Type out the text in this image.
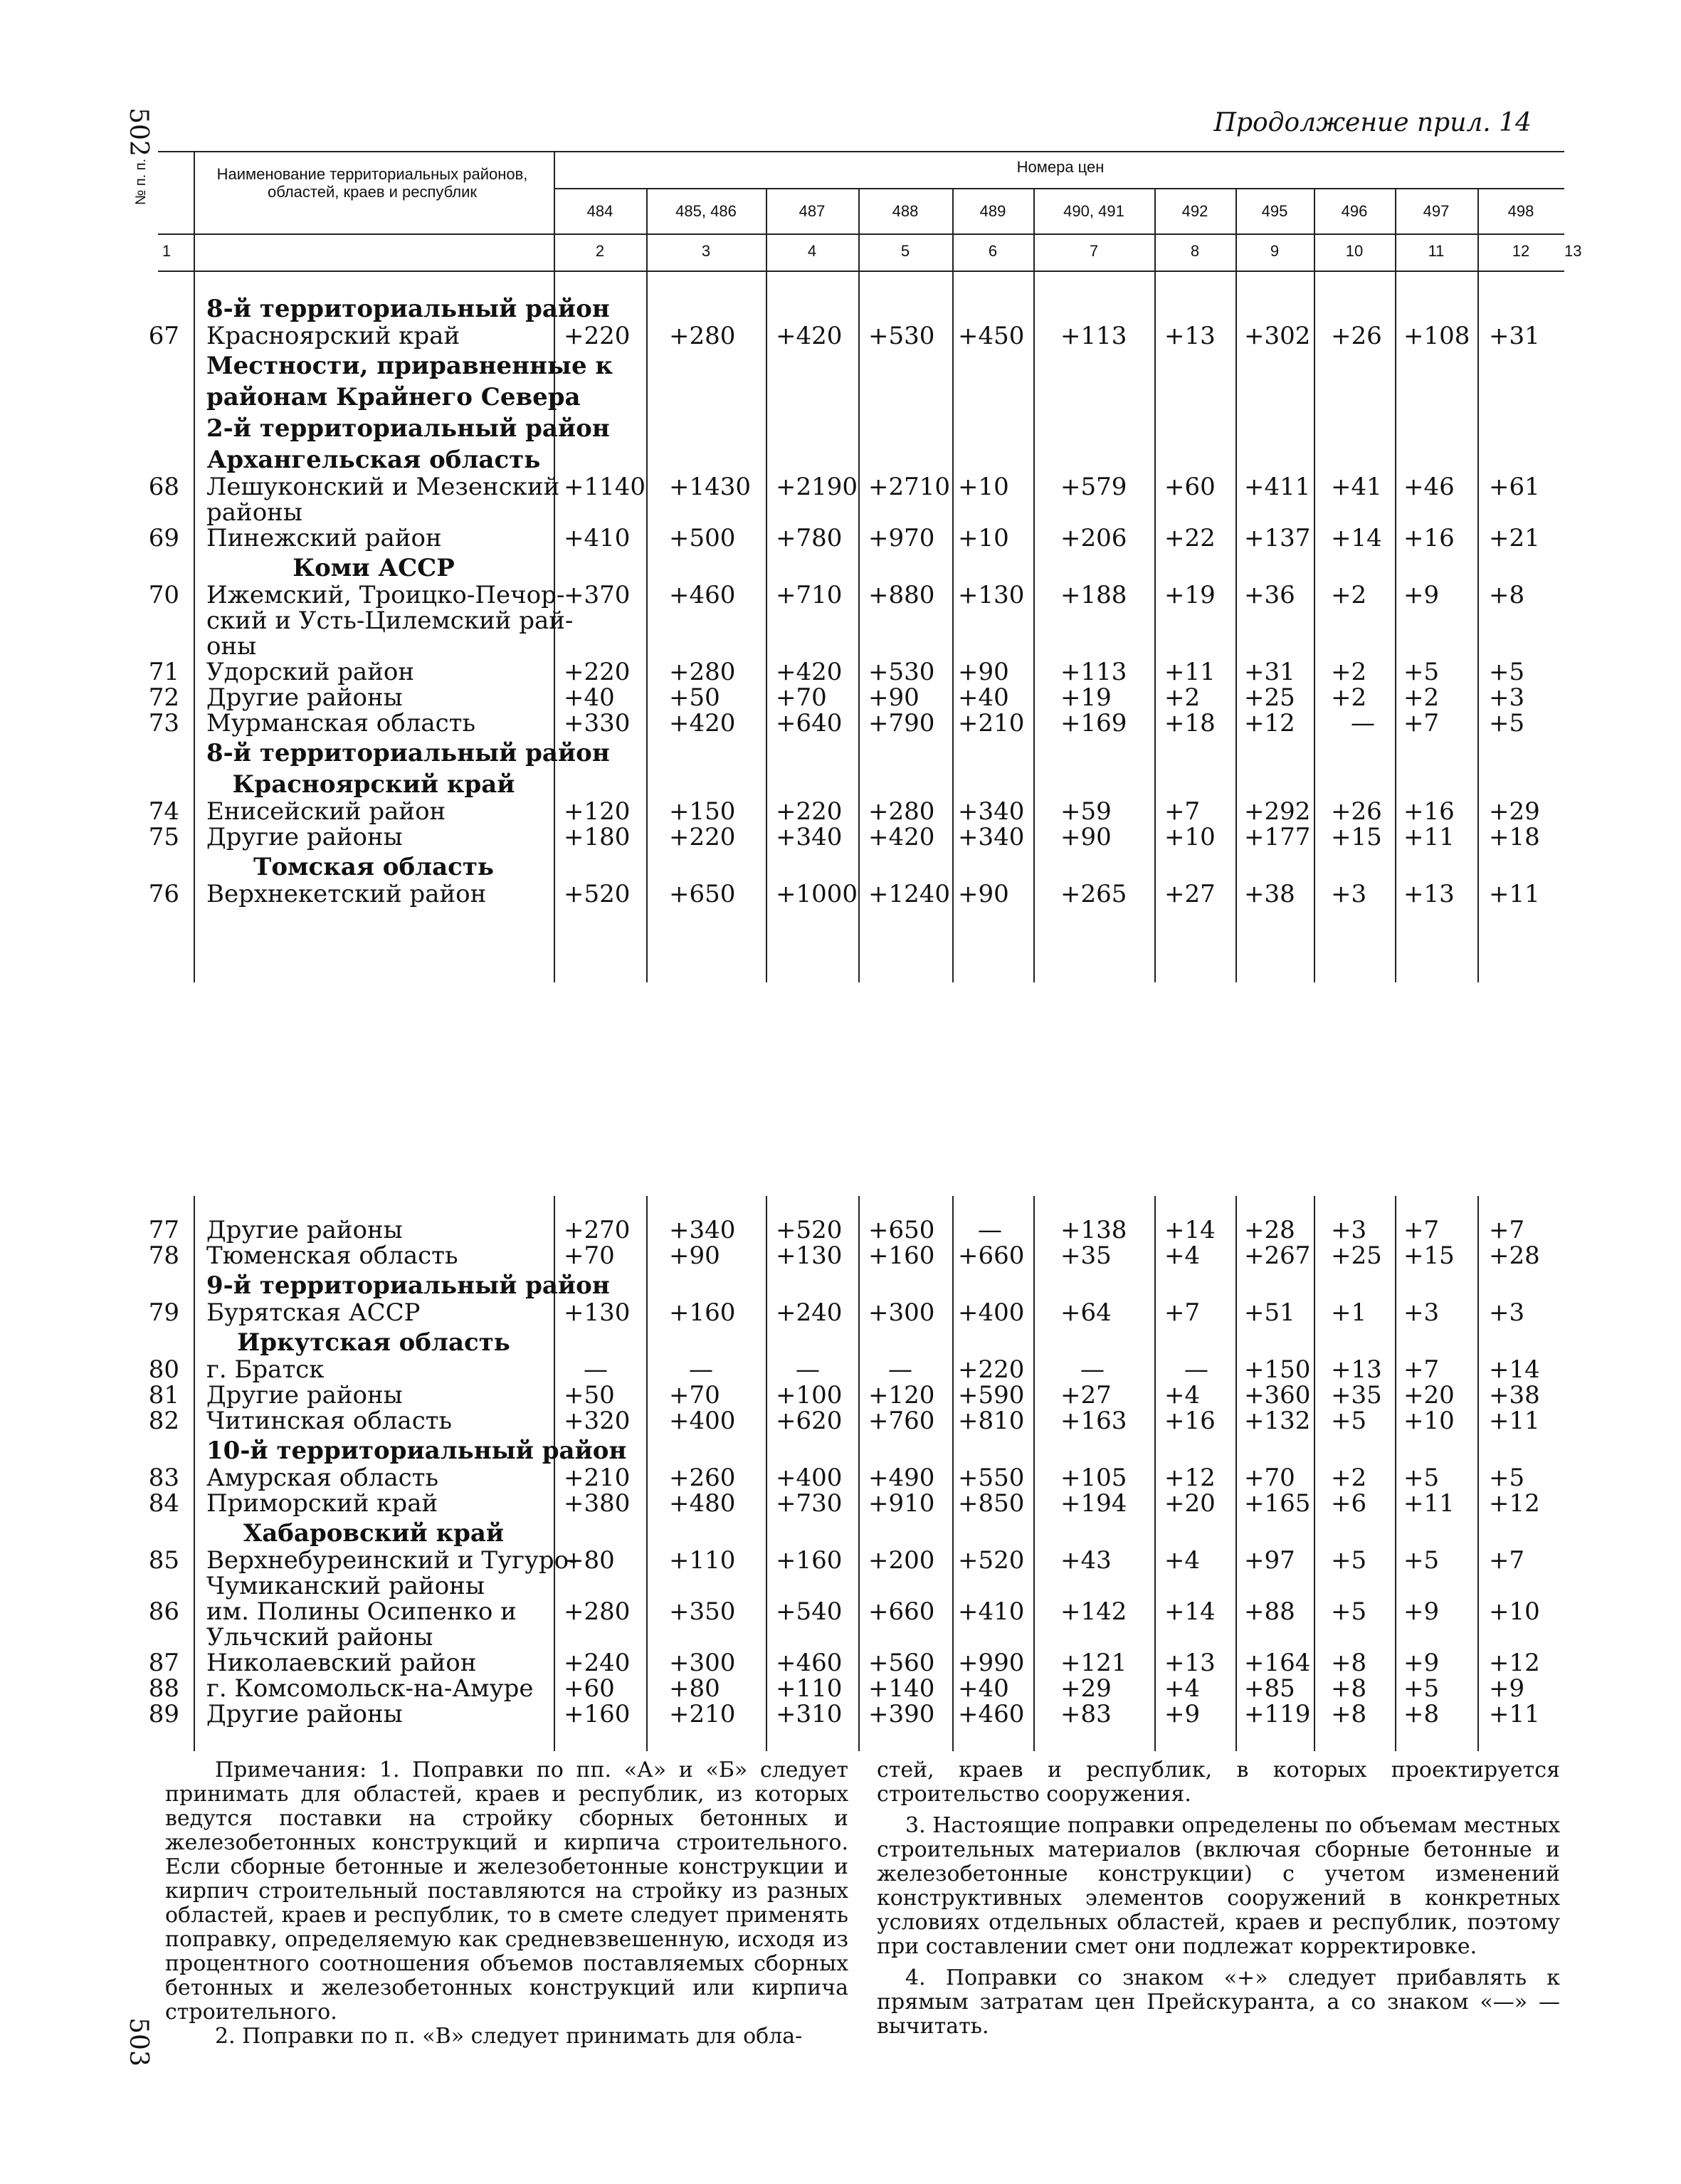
502
503
Продолжение прил. 14
№ п. п.	Наименование территориальных районов, областей, краев и республик
Номера цен
484	485, 486	487	488	489	490, 491	492	495	496	497	498
1	2	3	4	5	6	7	8	9	10	11	12	13
8-й территориальный район
67 Красноярский край	+220 +280 +420 +530 +450 +113 +13 +302 +26 +108 +31
Местности, приравненные к
районам Крайнего Севера
2-й территориальный район
Архангельская область
68 Лешуконский и Мезенский +1140 +1430 +2190 +2710 +10 +579 +60 +411 +41 +46 +61
районы
69 Пинежский район	+410 +500 +780 +970 +10 +206 +22 +137 +14 +16 +21
Коми АССР
70 Ижемский, Троицко-Печор-
+370 +460 +710 +880 +130 +188 +19 +36 +2 +9 +8
ский и Усть-Цилемский рай-
оны
71 Удорский район	+220 +280 +420 +530 +90 +113 +11 +31 +2 +5 +5
72 Другие районы	+40 +50 +70 +90 +40 +19 +2 +25 +2 +2 +3
73 Мурманская область	+330 +420 +640 +790 +210 +169 +18 +12 — +7 +5
8-й территориальный район
Красноярский край
74 Енисейский район	+120 +150 +220 +280 +340 +59 +7 +292 +26 +16 +29
75 Другие районы	+180 +220 +340 +420 +340 +90 +10 +177 +15 +11 +18
Томская область
76 Верхнекетский район	+520 +650 +1000 +1240 +90 +265 +27 +38 +3 +13 +11
77 Другие районы	+270 +340 +520 +650 — +138 +14 +28 +3 +7 +7
78 Тюменская область	+70 +90 +130 +160 +660 +35 +4 +267 +25 +15 +28
9-й территориальный район
79 Бурятская АССР	+130 +160 +240 +300 +400 +64 +7 +51 +1 +3 +3
Иркутская область
80 г. Братск	—	—	—	— +220 —	— +150 +13 +7 +14
81 Другие районы	+50 +70 +100 +120 +590 +27 +4 +360 +35 +20 +38
82 Читинская область	+320 +400 +620 +760 +810 +163 +16 +132 +5 +10 +11
10-й территориальный район
83 Амурская область	+210 +260 +400 +490 +550 +105 +12 +70 +2 +5 +5
84 Приморский край	+380 +480 +730 +910 +850 +194 +20 +165 +6 +11 +12
Хабаровский край
85 Верхнебуреинский и Тугуро-
+80 +110 +160 +200 +520 +43 +4 +97 +5 +5 +7
Чумиканский районы
86 им. Полины Осипенко и +280 +350 +540 +660 +410 +142 +14 +88 +5 +9 +10
Ульчский районы
87 Николаевский район	+240 +300 +460 +560 +990 +121 +13 +164 +8 +9 +12
88 г. Комсомольск-на-Амуре +60 +80 +110 +140 +40 +29 +4 +85 +8 +5 +9
89 Другие районы	+160 +210 +310 +390 +460 +83 +9 +119 +8 +8 +11
Примечания: 1. Поправки по пп. «А» и «Б» следует принимать для областей, краев и республик, из которых ведутся поставки на стройку сборных бетонных и железобетонных конструкций и кирпича строительного. Если сборные бетонные и железобетонные конструкции и кирпич строительный поставляются на стройку из разных областей, краев и республик, то в смете следует применять поправку, определяемую как средневзвешенную, исходя из процентного соотношения объемов поставляемых сборных бетонных и железобетонных конструкций или кирпича строительного.
2. Поправки по п. «В» следует принимать для обла-
стей, краев и республик, в которых проектируется строительство сооружения.
3. Настоящие поправки определены по объемам местных строительных материалов (включая сборные бетонные и железобетонные конструкции) с учетом изменений конструктивных элементов сооружений в конкретных условиях отдельных областей, краев и республик, поэтому при составлении смет они подлежат корректировке.
4. Поправки со знаком «+» следует прибавлять к прямым затратам цен Прейскуранта, а со знаком «—» — вычитать.
